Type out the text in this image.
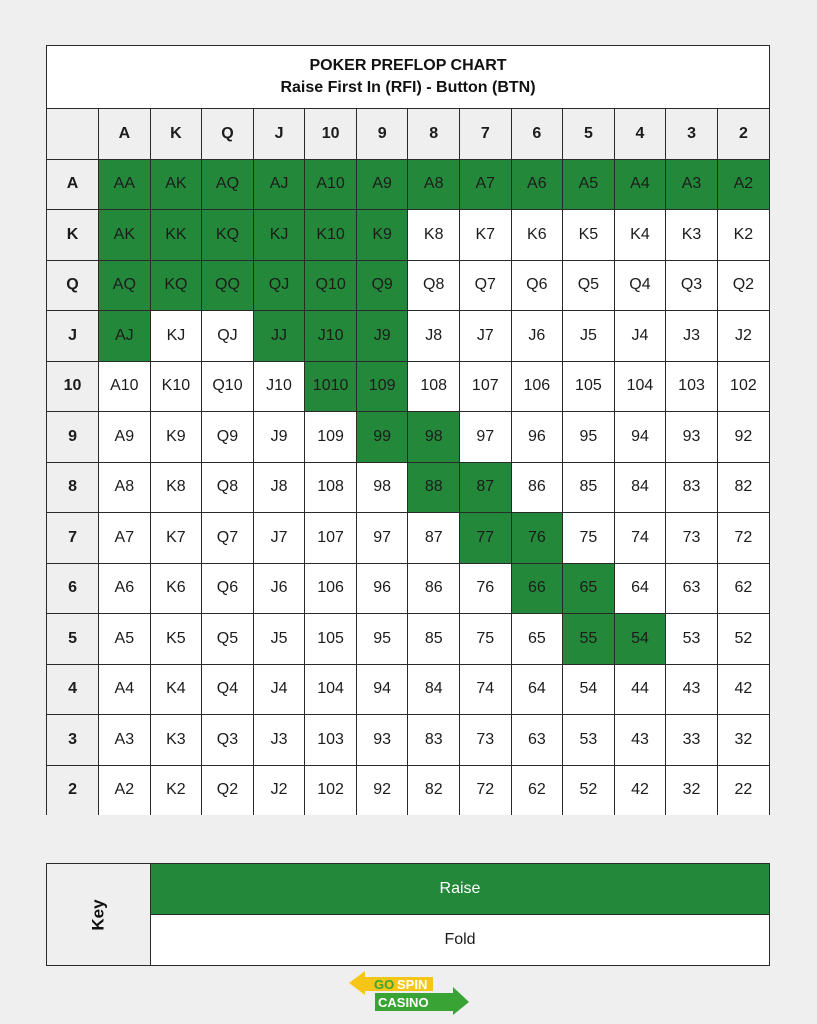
POKER PREFLOP CHART
Raise First In (RFI) - Button (BTN)
	A	K	Q	J	10	9	8	7	6	5	4	3	2
A	AA	AK	AQ	AJ	A10	A9	A8	A7	A6	A5	A4	A3	A2
K	AK	KK	KQ	KJ	K10	K9	K8	K7	K6	K5	K4	K3	K2
Q	AQ	KQ	QQ	QJ	Q10	Q9	Q8	Q7	Q6	Q5	Q4	Q3	Q2
J	AJ	KJ	QJ	JJ	J10	J9	J8	J7	J6	J5	J4	J3	J2
10	A10	K10	Q10	J10	1010	109	108	107	106	105	104	103	102
9	A9	K9	Q9	J9	109	99	98	97	96	95	94	93	92
8	A8	K8	Q8	J8	108	98	88	87	86	85	84	83	82
7	A7	K7	Q7	J7	107	97	87	77	76	75	74	73	72
6	A6	K6	Q6	J6	106	96	86	76	66	65	64	63	62
5	A5	K5	Q5	J5	105	95	85	75	65	55	54	53	52
4	A4	K4	Q4	J4	104	94	84	74	64	54	44	43	42
3	A3	K3	Q3	J3	103	93	83	73	63	53	43	33	32
2	A2	K2	Q2	J2	102	92	82	72	62	52	42	32	22
Key
Raise
Fold
GO SPIN
CASINO
